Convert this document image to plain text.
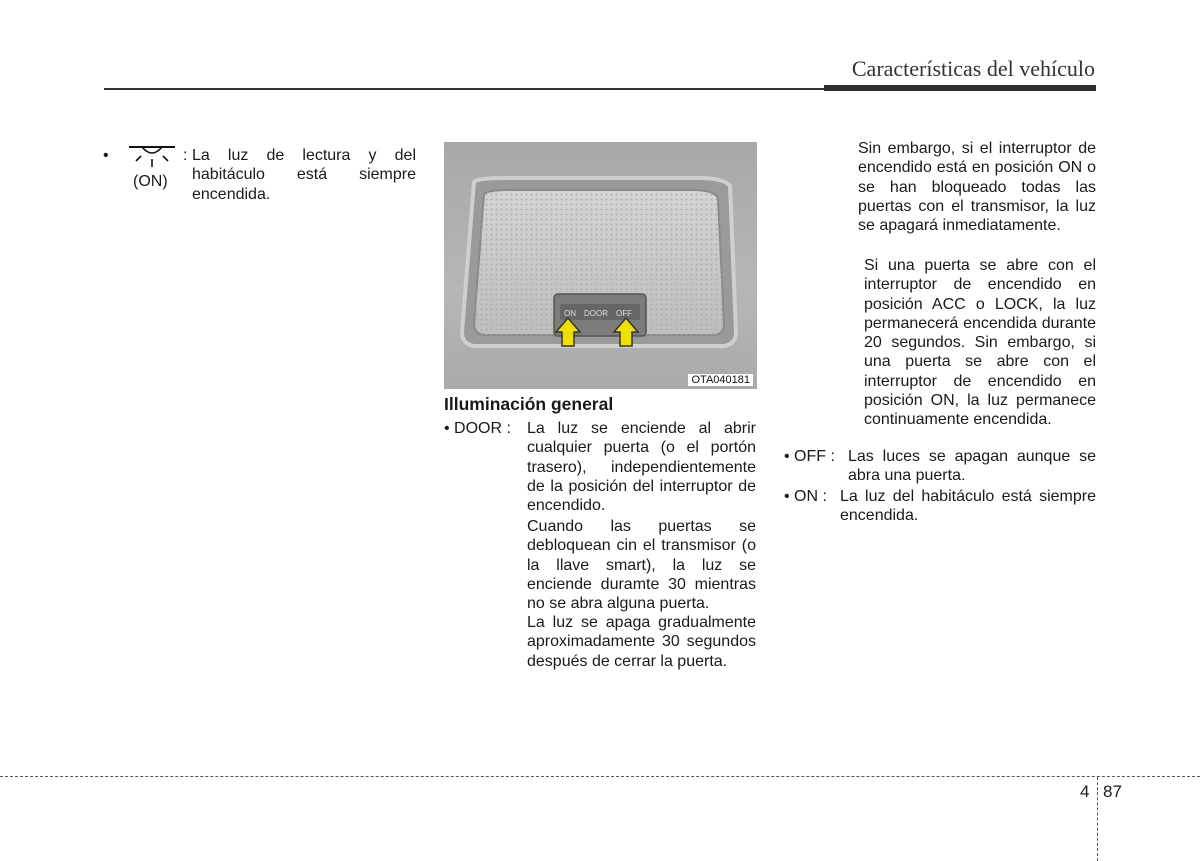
Características del vehículo
•
(ON)
: La luz de lectura y del habitáculo está siempre encendida.

ON DOOR OFF
OTA040181
Illuminación general
• DOOR : La luz se enciende al abrir cualquier puerta (o el portón trasero), independientemente de la posición del interruptor de encendido.

Cuando las puertas se debloquean cin el transmisor (o la llave smart), la luz se enciende duramte 30 mientras no se abra alguna puerta.

La luz se apaga gradualmente aproximadamente 30 segundos después de cerrar la puerta.

Sin embargo, si el interruptor de encendido está en posición ON o se han bloqueado todas las puertas con el transmisor, la luz se apagará inmediatamente.

Si una puerta se abre con el interruptor de encendido en posición ACC o LOCK, la luz permanecerá encendida durante 20 segundos. Sin embargo, si una puerta se abre con el interruptor de encendido en posición ON, la luz permanece continuamente encendida.

• OFF : Las luces se apagan aunque se abra una puerta.

• ON : La luz del habitáculo está siempre encendida.

4 87
